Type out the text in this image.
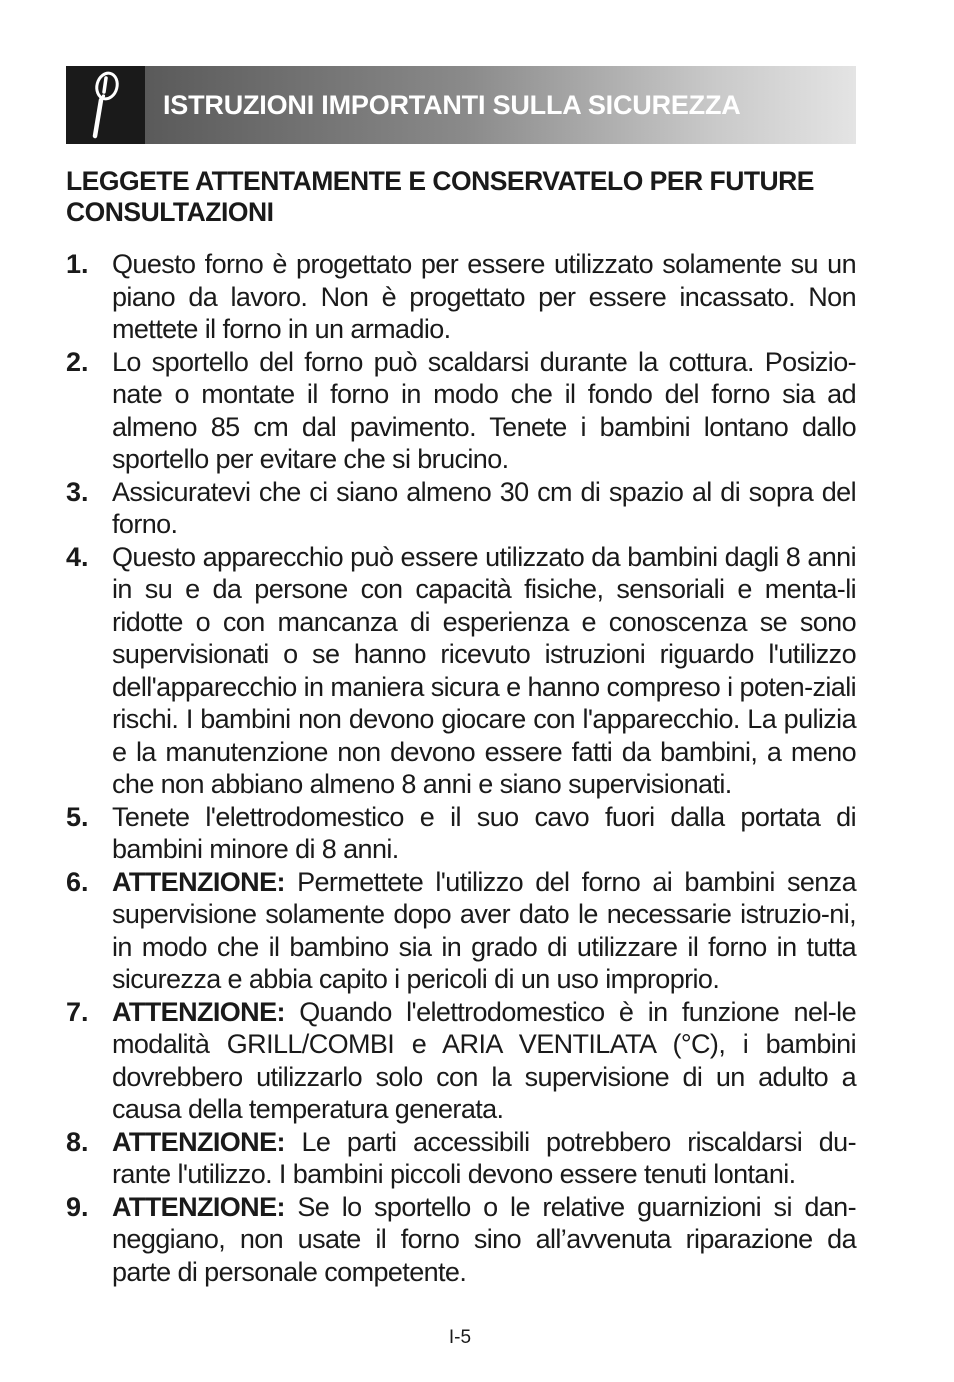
ISTRUZIONI IMPORTANTI SULLA SICUREZZA
LEGGETE ATTENTAMENTE E CONSERVATELO PER FUTURE CONSULTAZIONI
1. Questo forno è progettato per essere utilizzato solamente su un piano da lavoro. Non è progettato per essere incassato. Non mettete il forno in un armadio.
2. Lo sportello del forno può scaldarsi durante la cottura. Posizio-nate o montate il forno in modo che il fondo del forno sia ad almeno 85 cm dal pavimento. Tenete i bambini lontano dallo sportello per evitare che si brucino.
3. Assicuratevi che ci siano almeno 30 cm di spazio al di sopra del forno.
4. Questo apparecchio può essere utilizzato da bambini dagli 8 anni in su e da persone con capacità fisiche, sensoriali e menta-li ridotte o con mancanza di esperienza e conoscenza se sono supervisionati o se hanno ricevuto istruzioni riguardo l'utilizzo dell'apparecchio in maniera sicura e hanno compreso i poten-ziali rischi. I bambini non devono giocare con l'apparecchio. La pulizia e la manutenzione non devono essere fatti da bambini, a meno che non abbiano almeno 8 anni e siano supervisionati.
5. Tenete l'elettrodomestico e il suo cavo fuori dalla portata di bambini minore di 8 anni.
6. ATTENZIONE: Permettete l'utilizzo del forno ai bambini senza supervisione solamente dopo aver dato le necessarie istruzio-ni, in modo che il bambino sia in grado di utilizzare il forno in tutta sicurezza e abbia capito i pericoli di un uso improprio.
7. ATTENZIONE: Quando l'elettrodomestico è in funzione nel-le modalità GRILL/COMBI e ARIA VENTILATA (°C), i bambini dovrebbero utilizzarlo solo con la supervisione di un adulto a causa della temperatura generata.
8. ATTENZIONE: Le parti accessibili potrebbero riscaldarsi du-rante l'utilizzo. I bambini piccoli devono essere tenuti lontani.
9. ATTENZIONE: Se lo sportello o le relative guarnizioni si dan-neggiano, non usate il forno sino all’avvenuta riparazione da parte di personale competente.
I-5
